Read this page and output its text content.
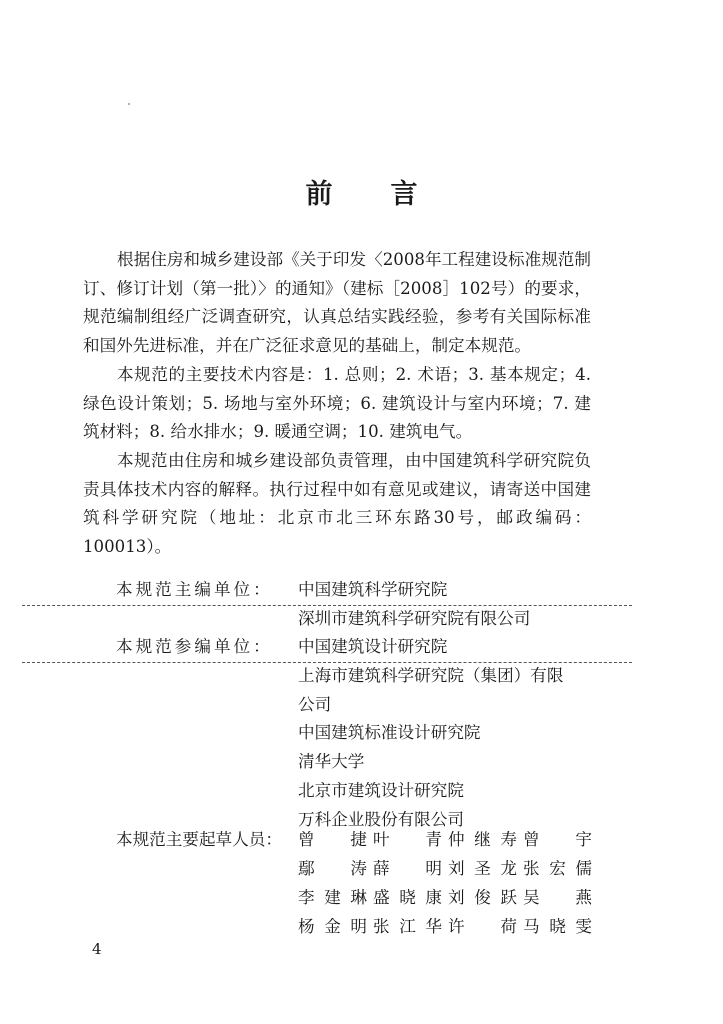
前 言

根据住房和城乡建设部《关于印发〈2008年工程建设标准规范制订、修订计划（第一批）〉的通知》（建标［2008］102号）的要求，规范编制组经广泛调查研究，认真总结实践经验，参考有关国际标准和国外先进标准，并在广泛征求意见的基础上，制定本规范。

本规范的主要技术内容是：1. 总则；2. 术语；3. 基本规定；4. 绿色设计策划；5. 场地与室外环境；6. 建筑设计与室内环境；7. 建筑材料；8. 给水排水；9. 暖通空调；10. 建筑电气。

本规范由住房和城乡建设部负责管理，由中国建筑科学研究院负责具体技术内容的解释。执行过程中如有意见或建议，请寄送中国建筑科学研究院（地址：北京市北三环东路30号，邮政编码：100013）。

本规范主编单位： 中国建筑科学研究院
深圳市建筑科学研究院有限公司
本规范参编单位： 中国建筑设计研究院
上海市建筑科学研究院（集团）有限
公司
中国建筑标准设计研究院
清华大学
北京市建筑设计研究院
万科企业股份有限公司
本规范主要起草人员： 曾 捷 叶 青 仲继寿 曾 宇
鄢 涛 薛 明 刘圣龙 张宏儒
李建琳 盛晓康 刘俊跃 吴 燕
杨金明 张江华 许 荷 马晓雯
4
